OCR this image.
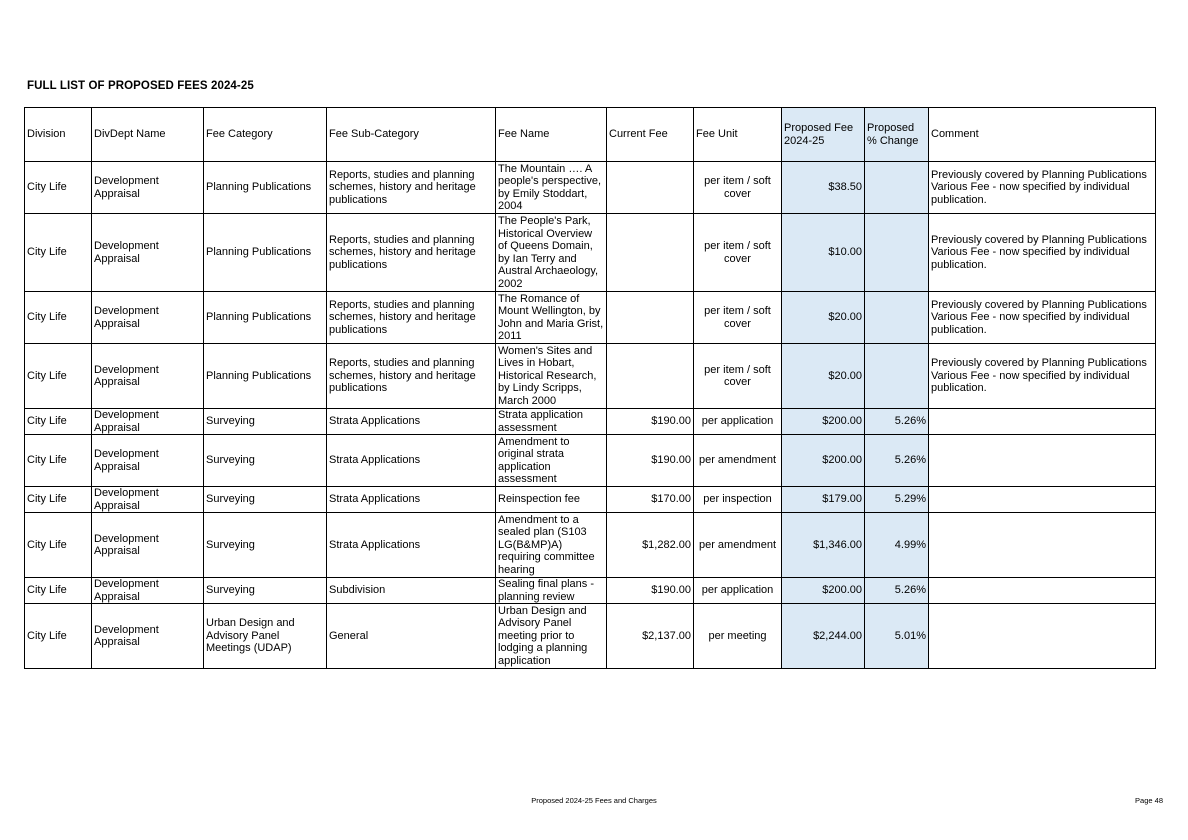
FULL LIST OF PROPOSED FEES 2024-25
Division	DivDept Name	Fee Category	Fee Sub-Category	Fee Name	Current Fee	Fee Unit	Proposed Fee 2024-25	Proposed % Change	Comment
City Life	Development Appraisal	Planning Publications	Reports, studies and planning schemes, history and heritage publications	The Mountain …. A people's perspective, by Emily Stoddart, 2004		per item / soft cover	$38.50		Previously covered by Planning Publications Various Fee - now specified by individual publication.
City Life	Development Appraisal	Planning Publications	Reports, studies and planning schemes, history and heritage publications	The People's Park, Historical Overview of Queens Domain, by Ian Terry and Austral Archaeology, 2002		per item / soft cover	$10.00		Previously covered by Planning Publications Various Fee - now specified by individual publication.
City Life	Development Appraisal	Planning Publications	Reports, studies and planning schemes, history and heritage publications	The Romance of Mount Wellington, by John and Maria Grist, 2011		per item / soft cover	$20.00		Previously covered by Planning Publications Various Fee - now specified by individual publication.
City Life	Development Appraisal	Planning Publications	Reports, studies and planning schemes, history and heritage publications	Women's Sites and Lives in Hobart, Historical Research, by Lindy Scripps, March 2000		per item / soft cover	$20.00		Previously covered by Planning Publications Various Fee - now specified by individual publication.
City Life	Development Appraisal	Surveying	Strata Applications	Strata application assessment	$190.00	per application	$200.00	5.26%	
City Life	Development Appraisal	Surveying	Strata Applications	Amendment to original strata application assessment	$190.00	per amendment	$200.00	5.26%	
City Life	Development Appraisal	Surveying	Strata Applications	Reinspection fee	$170.00	per inspection	$179.00	5.29%	
City Life	Development Appraisal	Surveying	Strata Applications	Amendment to a sealed plan (S103 LG(B&MP)A) requiring committee hearing	$1,282.00	per amendment	$1,346.00	4.99%	
City Life	Development Appraisal	Surveying	Subdivision	Sealing final plans - planning review	$190.00	per application	$200.00	5.26%	
City Life	Development Appraisal	Urban Design and Advisory Panel Meetings (UDAP)	General	Urban Design and Advisory Panel meeting prior to lodging a planning application	$2,137.00	per meeting	$2,244.00	5.01%	
Proposed 2024-25 Fees and Charges	Page 48
